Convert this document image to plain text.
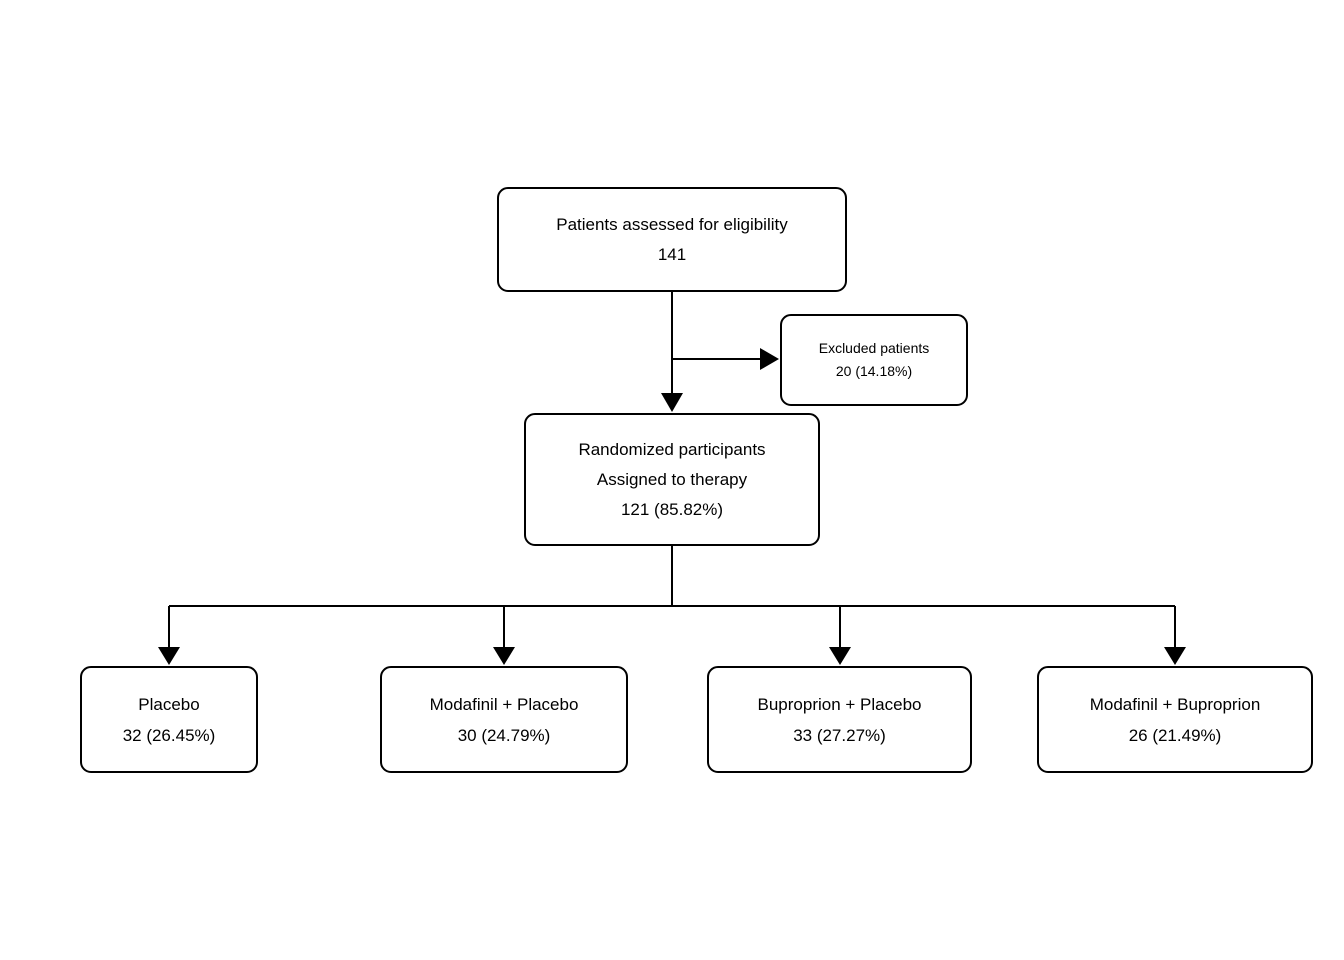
Patients assessed for eligibility
141
Excluded patients
20 (14.18%)
Randomized participants
Assigned to therapy
121 (85.82%)
Placebo
32 (26.45%)
Modafinil + Placebo
30 (24.79%)
Buproprion + Placebo
33 (27.27%)
Modafinil + Buproprion
26 (21.49%)
